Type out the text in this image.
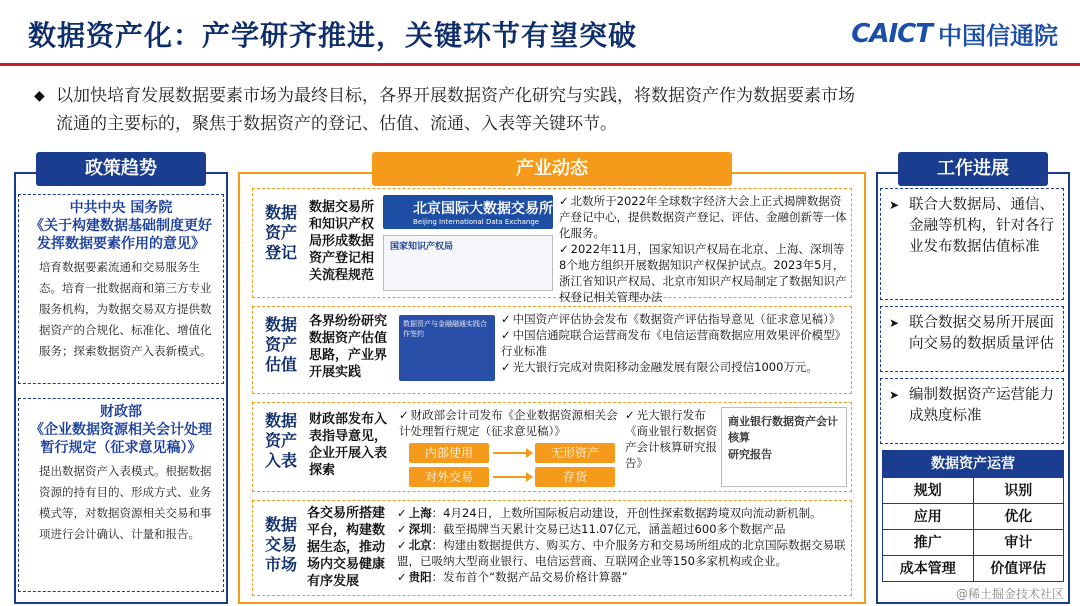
数据资产化：产学研齐推进，关键环节有望突破	CAICT 中国信通院
◆ 以加快培育发展数据要素市场为最终目标，各界开展数据资产化研究与实践，将数据资产作为数据要素市场
流通的主要标的，聚焦于数据资产的登记、估值、流通、入表等关键环节。
政策趋势
中共中央 国务院
《关于构建数据基础制度更好发挥数据要素作用的意见》
培育数据要素流通和交易服务生态。培育一批数据商和第三方专业服务机构，为数据交易双方提供数据资产的合规化、标准化、增值化服务；探索数据资产入表新模式。
财政部
《企业数据资源相关会计处理暂行规定（征求意见稿）》
提出数据资产入表模式。根据数据资源的持有目的、形成方式、业务模式等，对数据资源相关交易和事项进行会计确认、计量和报告。
产业动态
数据资产登记
数据交易所和知识产权局形成数据资产登记相关流程规范
北京国际大数据交易所
Beijing International Data Exchange
国家知识产权局
✓ 北数所于2022年全球数字经济大会上正式揭牌数据资产登记中心，提供数据资产登记、评估、金融创新等一体化服务。
✓ 2022年11月，国家知识产权局在北京、上海、深圳等8个地方组织开展数据知识产权保护试点。2023年5月，浙江省知识产权局、北京市知识产权局制定了数据知识产权登记相关管理办法
数据资产估值
各界纷纷研究数据资产估值思路，产业界开展实践
数据资产与金融融通实践合作签约
✓ 中国资产评估协会发布《数据资产评估指导意见（征求意见稿）》
✓ 中国信通院联合运营商发布《电信运营商数据应用效果评价模型》行业标准
✓ 光大银行完成对贵阳移动金融发展有限公司授信1000万元。
数据资产入表
财政部发布入表指导意见，企业开展入表探索
✓ 财政部会计司发布《企业数据资源相关会计处理暂行规定（征求意见稿）》
内部使用	无形资产
对外交易	存货
✓ 光大银行发布《商业银行数据资产会计核算研究报告》
商业银行数据资产会计核算
研究报告
数据交易市场
各交易所搭建平台，构建数据生态，推动场内交易健康有序发展
✓ 上海：4月24日，上数所国际板启动建设，开创性探索数据跨境双向流动新机制。
✓ 深圳：截至揭牌当天累计交易已达11.07亿元，涵盖超过600多个数据产品
✓ 北京：构建由数据提供方、购买方、中介服务方和交易场所组成的北京国际数据交易联盟，已吸纳大型商业银行、电信运营商、互联网企业等150多家机构或企业。
✓ 贵阳：发布首个“数据产品交易价格计算器”
工作进展
➤ 联合大数据局、通信、金融等机构，针对各行业发布数据估值标准
➤ 联合数据交易所开展面向交易的数据质量评估
➤ 编制数据资产运营能力成熟度标准
数据资产运营
规划	识别
应用	优化
推广	审计
成本管理	价值评估
@稀土掘金技术社区
